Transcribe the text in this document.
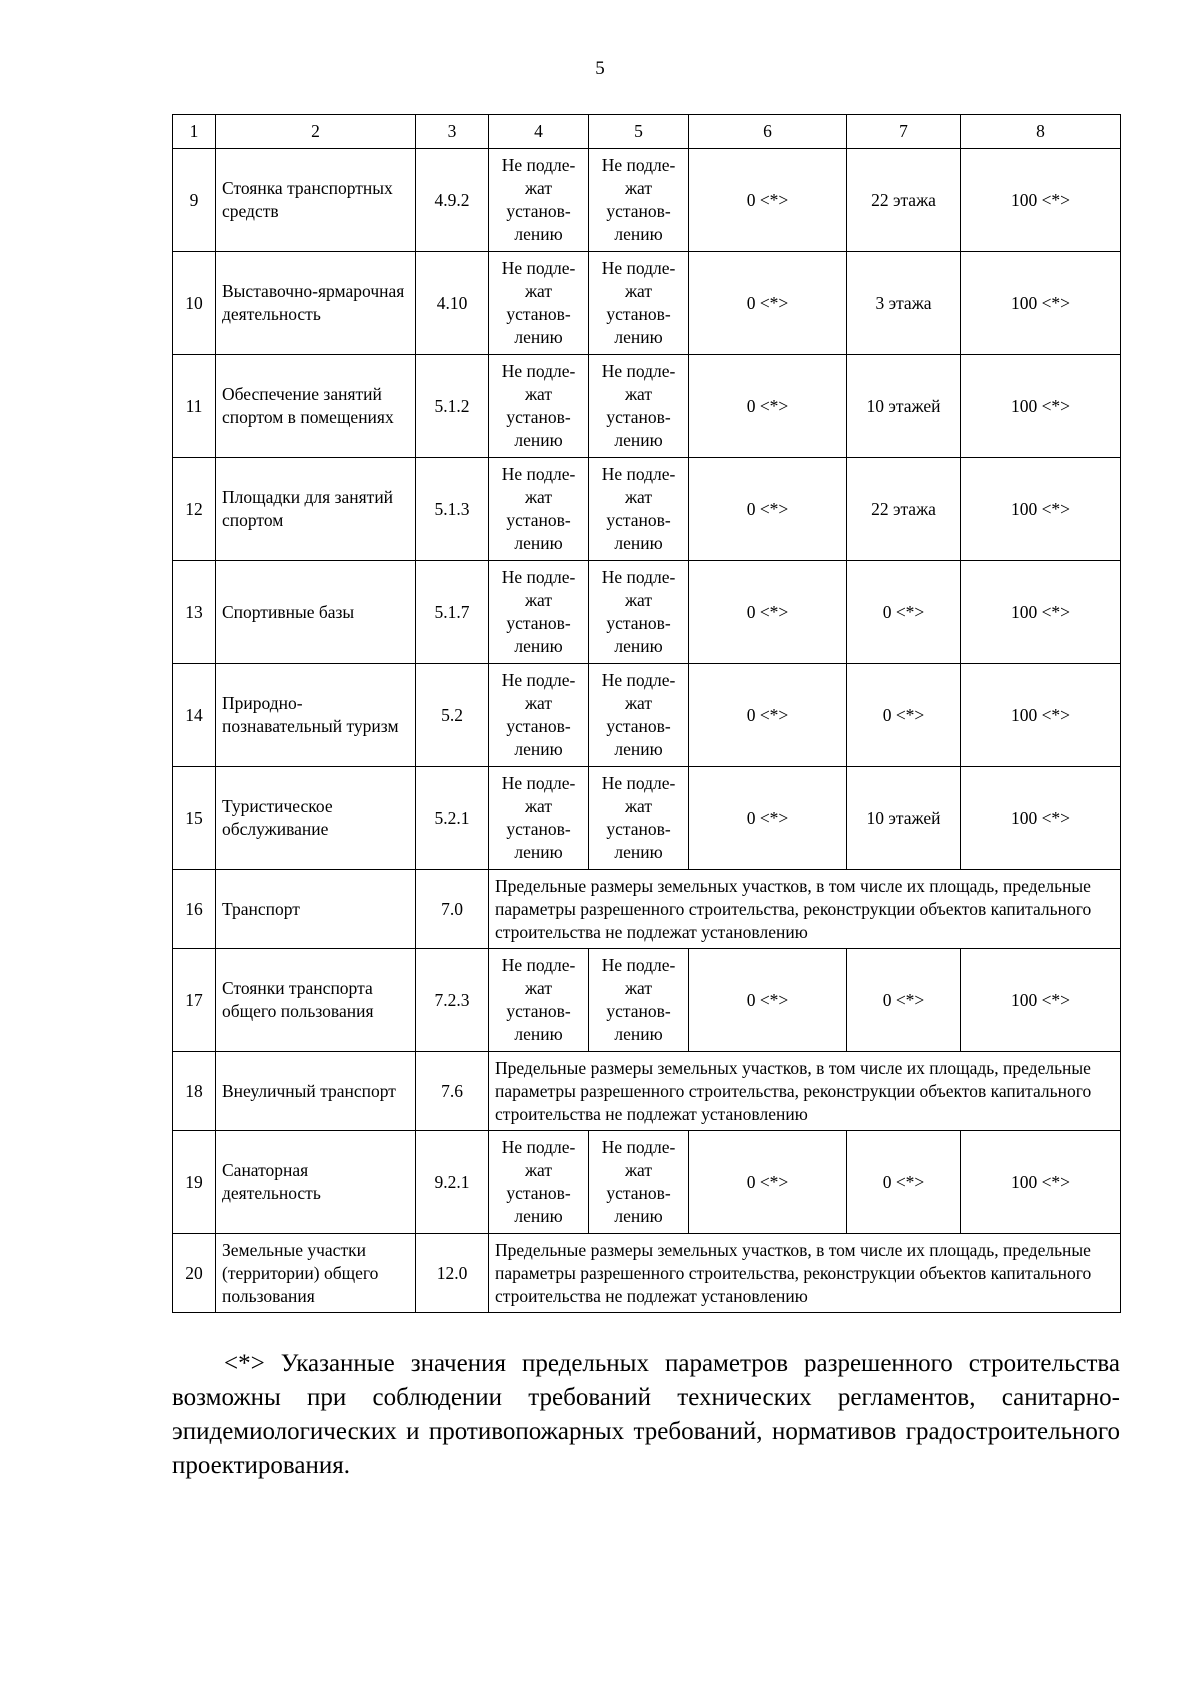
5
1	2	3	4	5	6	7	8
9	Стоянка транспортных средств	4.9.2	Не подле-
жат
установ-
лению	Не подле-
жат
установ-
лению	0 <*>	22 этажа	100 <*>
10	Выставочно-ярмарочная деятельность	4.10	Не подле-
жат
установ-
лению	Не подле-
жат
установ-
лению	0 <*>	3 этажа	100 <*>
11	Обеспечение занятий спортом в помещениях	5.1.2	Не подле-
жат
установ-
лению	Не подле-
жат
установ-
лению	0 <*>	10 этажей	100 <*>
12	Площадки для занятий спортом	5.1.3	Не подле-
жат
установ-
лению	Не подле-
жат
установ-
лению	0 <*>	22 этажа	100 <*>
13	Спортивные базы	5.1.7	Не подле-
жат
установ-
лению	Не подле-
жат
установ-
лению	0 <*>	0 <*>	100 <*>
14	Природно-познавательный туризм	5.2	Не подле-
жат
установ-
лению	Не подле-
жат
установ-
лению	0 <*>	0 <*>	100 <*>
15	Туристическое обслуживание	5.2.1	Не подле-
жат
установ-
лению	Не подле-
жат
установ-
лению	0 <*>	10 этажей	100 <*>
16	Транспорт	7.0	Предельные размеры земельных участков, в том числе их площадь, предельные параметры разрешенного строительства, реконструкции объектов капитального строительства не подлежат установлению				
17	Стоянки транспорта общего пользования	7.2.3	Не подле-
жат
установ-
лению	Не подле-
жат
установ-
лению	0 <*>	0 <*>	100 <*>
18	Внеуличный транспорт	7.6	Предельные размеры земельных участков, в том числе их площадь, предельные параметры разрешенного строительства, реконструкции объектов капитального строительства не подлежат установлению				
19	Санаторная деятельность	9.2.1	Не подле-
жат
установ-
лению	Не подле-
жат
установ-
лению	0 <*>	0 <*>	100 <*>
20	Земельные участки (территории) общего пользования	12.0	Предельные размеры земельных участков, в том числе их площадь, предельные параметры разрешенного строительства, реконструкции объектов капитального строительства не подлежат установлению				
<*> Указанные значения предельных параметров разрешенного строительства возможны при соблюдении требований технических регламентов, санитарно-эпидемиологических и противопожарных требований, нормативов градостроительного проектирования.
